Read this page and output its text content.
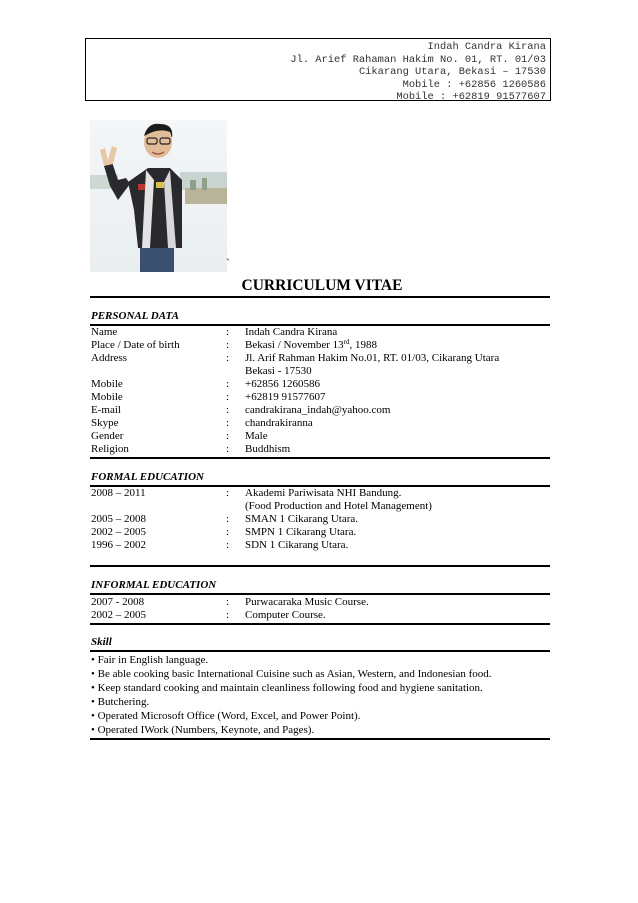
Indah Candra Kirana
Jl. Arief Rahaman Hakim No. 01, RT. 01/03
Cikarang Utara, Bekasi – 17530
Mobile : +62856 1260586
Mobile : +62819 91577607
`
CURRICULUM VITAE
PERSONAL DATA
Name	: Indah Candra Kirana
Place / Date of birth	: Bekasi / November 13rd, 1988
Address	: Jl. Arif Rahman Hakim No.01, RT. 01/03, Cikarang Utara
Bekasi - 17530
Mobile	: +62856 1260586
Mobile	: +62819 91577607
E-mail	: candrakirana_indah@yahoo.com
Skype	: chandrakiranna
Gender	: Male
Religion	: Buddhism
FORMAL EDUCATION
2008 – 2011	: Akademi Pariwisata NHI Bandung.
(Food Production and Hotel Management)
2005 – 2008	: SMAN 1 Cikarang Utara.
2002 – 2005	: SMPN 1 Cikarang Utara.
1996 – 2002	: SDN 1 Cikarang Utara.
INFORMAL EDUCATION
2007 - 2008	: Purwacaraka Music Course.
2002 – 2005	: Computer Course.
Skill
• Fair in English language.
• Be able cooking basic International Cuisine such as Asian, Western, and Indonesian food.
• Keep standard cooking and maintain cleanliness following food and hygiene sanitation.
• Butchering.
• Operated Microsoft Office (Word, Excel, and Power Point).
• Operated IWork (Numbers, Keynote, and Pages).
